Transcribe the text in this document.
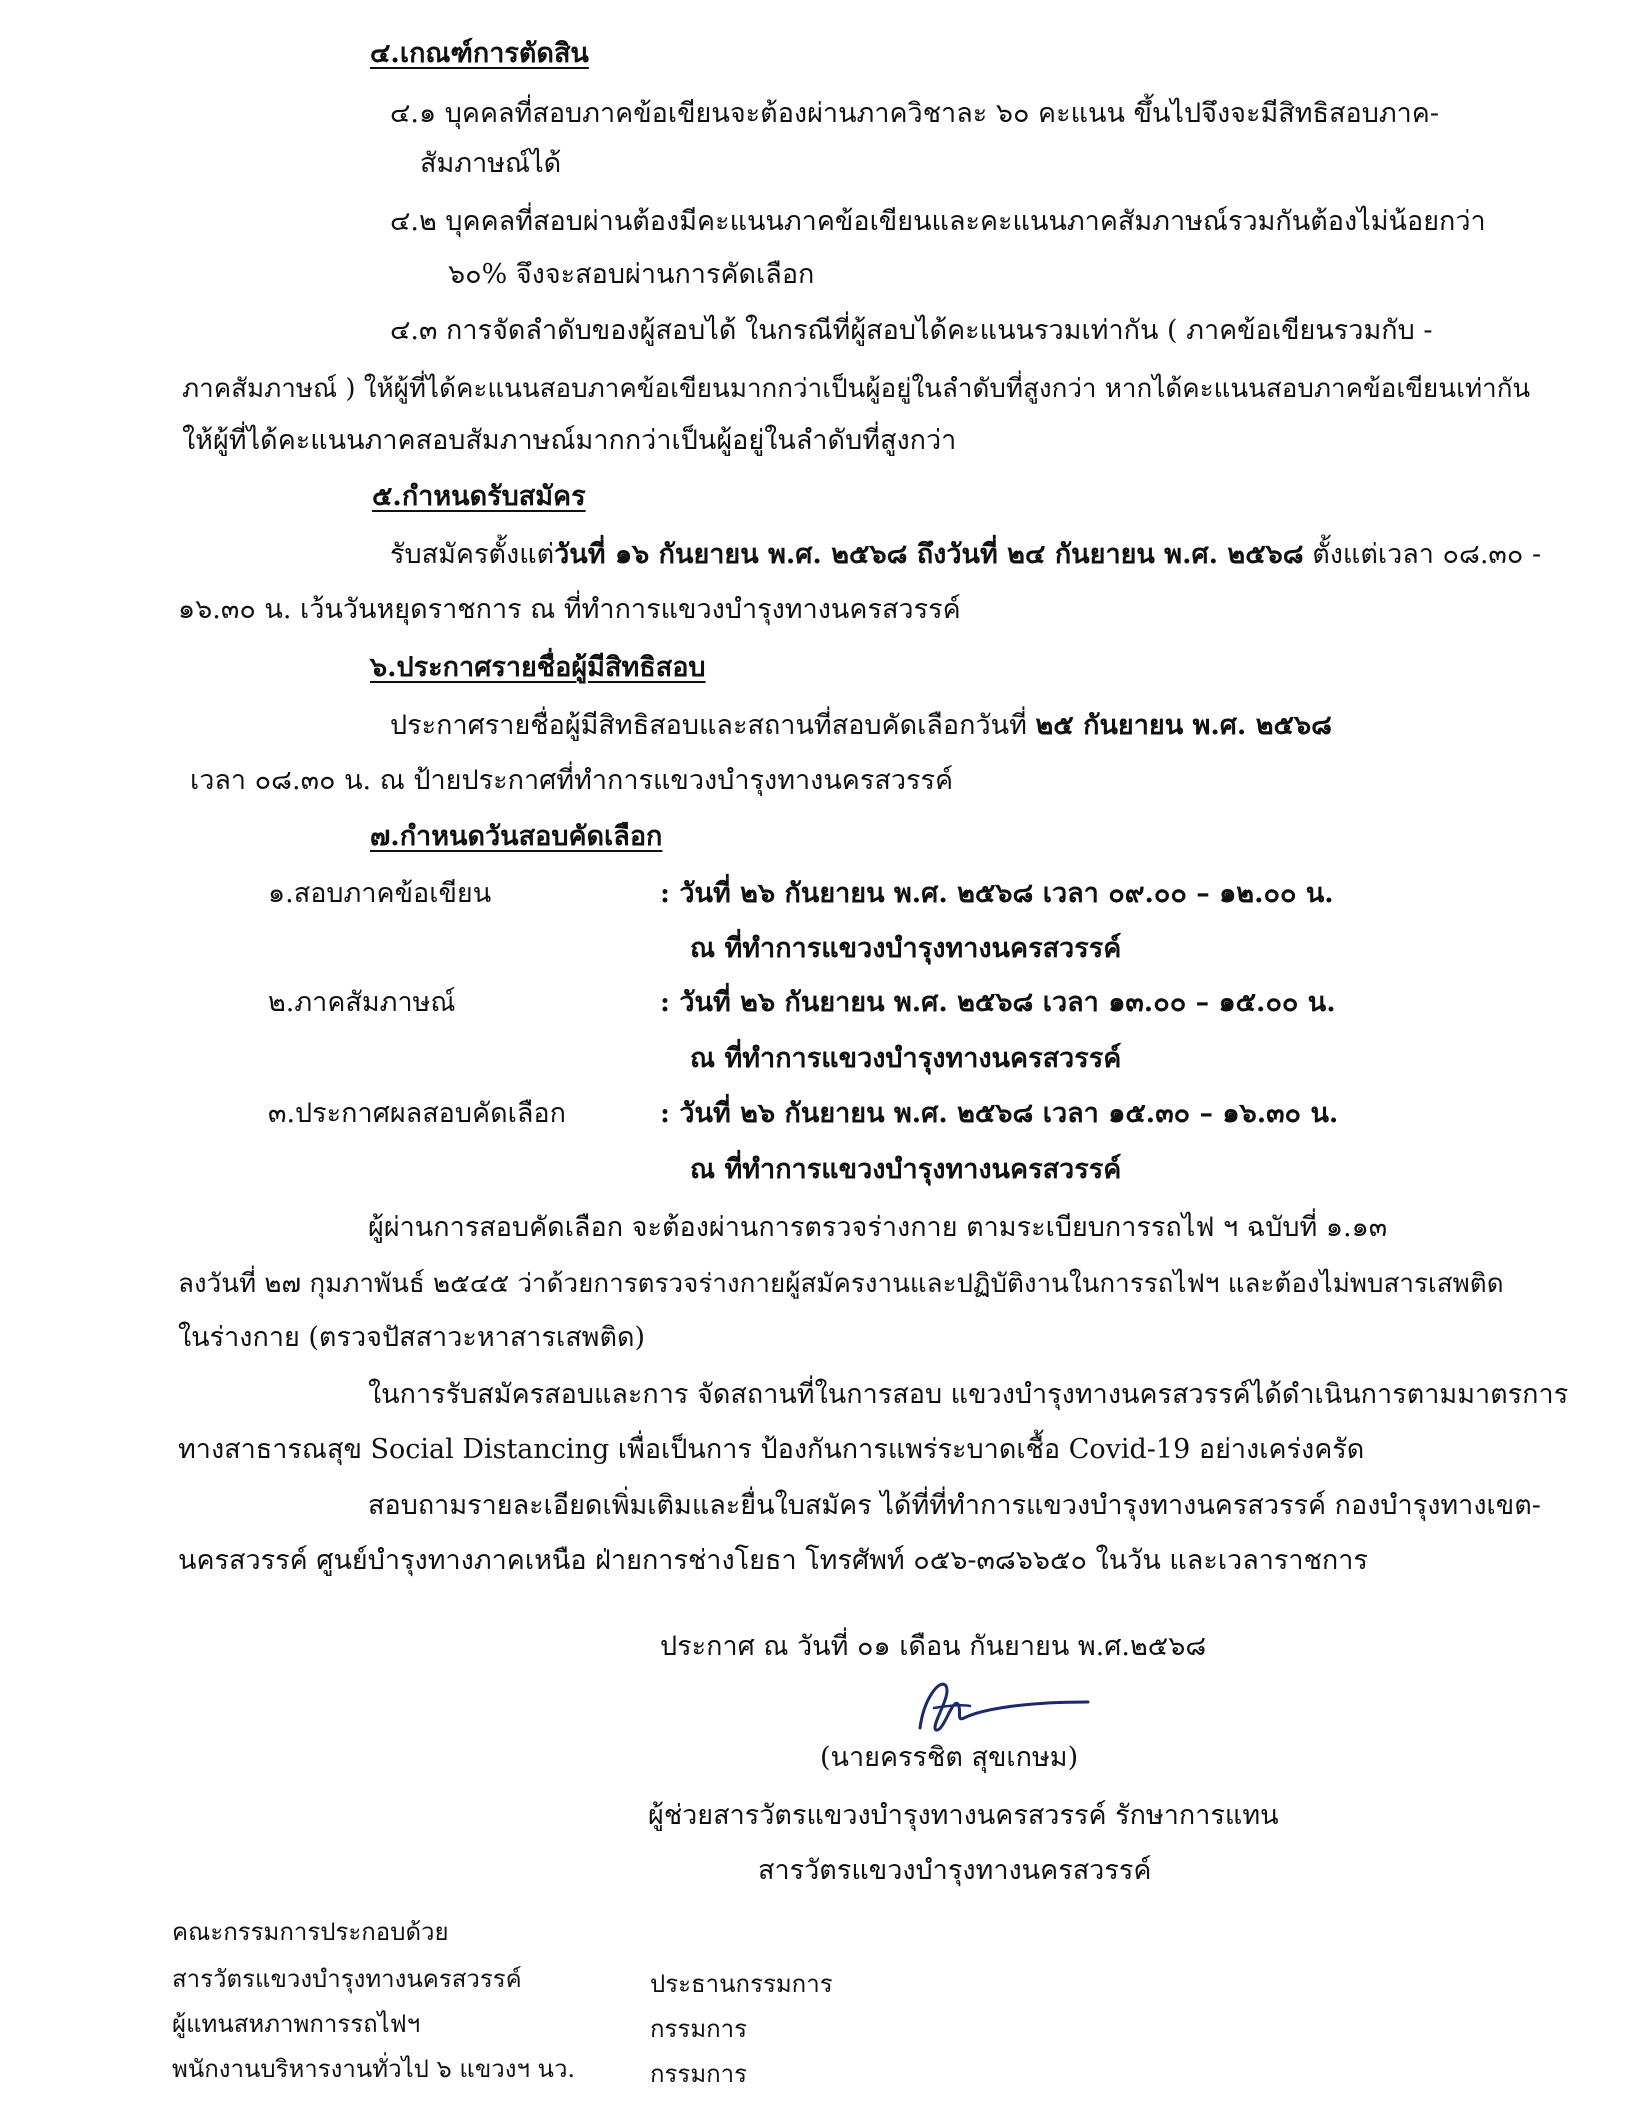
๔.เกณฑ์การตัดสิน
๔.๑ บุคคลที่สอบภาคข้อเขียนจะต้องผ่านภาควิชาละ ๖๐ คะแนน ขึ้นไปจึงจะมีสิทธิสอบภาค-
สัมภาษณ์ได้
๔.๒ บุคคลที่สอบผ่านต้องมีคะแนนภาคข้อเขียนและคะแนนภาคสัมภาษณ์รวมกันต้องไม่น้อยกว่า
๖๐% จึงจะสอบผ่านการคัดเลือก
๔.๓ การจัดลำดับของผู้สอบได้ ในกรณีที่ผู้สอบได้คะแนนรวมเท่ากัน ( ภาคข้อเขียนรวมกับ -
ภาคสัมภาษณ์ ) ให้ผู้ที่ได้คะแนนสอบภาคข้อเขียนมากกว่าเป็นผู้อยู่ในลำดับที่สูงกว่า หากได้คะแนนสอบภาคข้อเขียนเท่ากัน
ให้ผู้ที่ได้คะแนนภาคสอบสัมภาษณ์มากกว่าเป็นผู้อยู่ในลำดับที่สูงกว่า
๕.กำหนดรับสมัคร
รับสมัครตั้งแต่วันที่ ๑๖ กันยายน พ.ศ. ๒๕๖๘ ถึงวันที่ ๒๔ กันยายน พ.ศ. ๒๕๖๘ ตั้งแต่เวลา ๐๘.๓๐ -
๑๖.๓๐ น. เว้นวันหยุดราชการ ณ ที่ทำการแขวงบำรุงทางนครสวรรค์
๖.ประกาศรายชื่อผู้มีสิทธิสอบ
ประกาศรายชื่อผู้มีสิทธิสอบและสถานที่สอบคัดเลือกวันที่ ๒๕ กันยายน พ.ศ. ๒๕๖๘
เวลา ๐๘.๓๐ น. ณ ป้ายประกาศที่ทำการแขวงบำรุงทางนครสวรรค์
๗.กำหนดวันสอบคัดเลือก
๑.สอบภาคข้อเขียน	: วันที่ ๒๖ กันยายน พ.ศ. ๒๕๖๘ เวลา ๐๙.๐๐ – ๑๒.๐๐ น.
ณ ที่ทำการแขวงบำรุงทางนครสวรรค์
๒.ภาคสัมภาษณ์	: วันที่ ๒๖ กันยายน พ.ศ. ๒๕๖๘ เวลา ๑๓.๐๐ – ๑๕.๐๐ น.
ณ ที่ทำการแขวงบำรุงทางนครสวรรค์
๓.ประกาศผลสอบคัดเลือก	: วันที่ ๒๖ กันยายน พ.ศ. ๒๕๖๘ เวลา ๑๕.๓๐ – ๑๖.๓๐ น.
ณ ที่ทำการแขวงบำรุงทางนครสวรรค์
ผู้ผ่านการสอบคัดเลือก จะต้องผ่านการตรวจร่างกาย ตามระเบียบการรถไฟ ฯ ฉบับที่ ๑.๑๓
ลงวันที่ ๒๗ กุมภาพันธ์ ๒๕๔๕ ว่าด้วยการตรวจร่างกายผู้สมัครงานและปฏิบัติงานในการรถไฟฯ และต้องไม่พบสารเสพติด
ในร่างกาย (ตรวจปัสสาวะหาสารเสพติด)
ในการรับสมัครสอบและการ จัดสถานที่ในการสอบ แขวงบำรุงทางนครสวรรค์ได้ดำเนินการตามมาตรการ
ทางสาธารณสุข Social Distancing เพื่อเป็นการ ป้องกันการแพร่ระบาดเชื้อ Covid-19 อย่างเคร่งครัด
สอบถามรายละเอียดเพิ่มเติมและยื่นใบสมัคร ได้ที่ที่ทำการแขวงบำรุงทางนครสวรรค์ กองบำรุงทางเขต-
นครสวรรค์ ศูนย์บำรุงทางภาคเหนือ ฝ่ายการช่างโยธา โทรศัพท์ ๐๕๖-๓๘๖๖๕๐ ในวัน และเวลาราชการ
ประกาศ ณ วันที่ ๐๑ เดือน กันยายน พ.ศ.๒๕๖๘
(นายครรชิต สุขเกษม)
ผู้ช่วยสารวัตรแขวงบำรุงทางนครสวรรค์ รักษาการแทน
สารวัตรแขวงบำรุงทางนครสวรรค์
คณะกรรมการประกอบด้วย
สารวัตรแขวงบำรุงทางนครสวรรค์	ประธานกรรมการ
ผู้แทนสหภาพการรถไฟฯ	กรรมการ
พนักงานบริหารงานทั่วไป ๖ แขวงฯ นว.	กรรมการ
